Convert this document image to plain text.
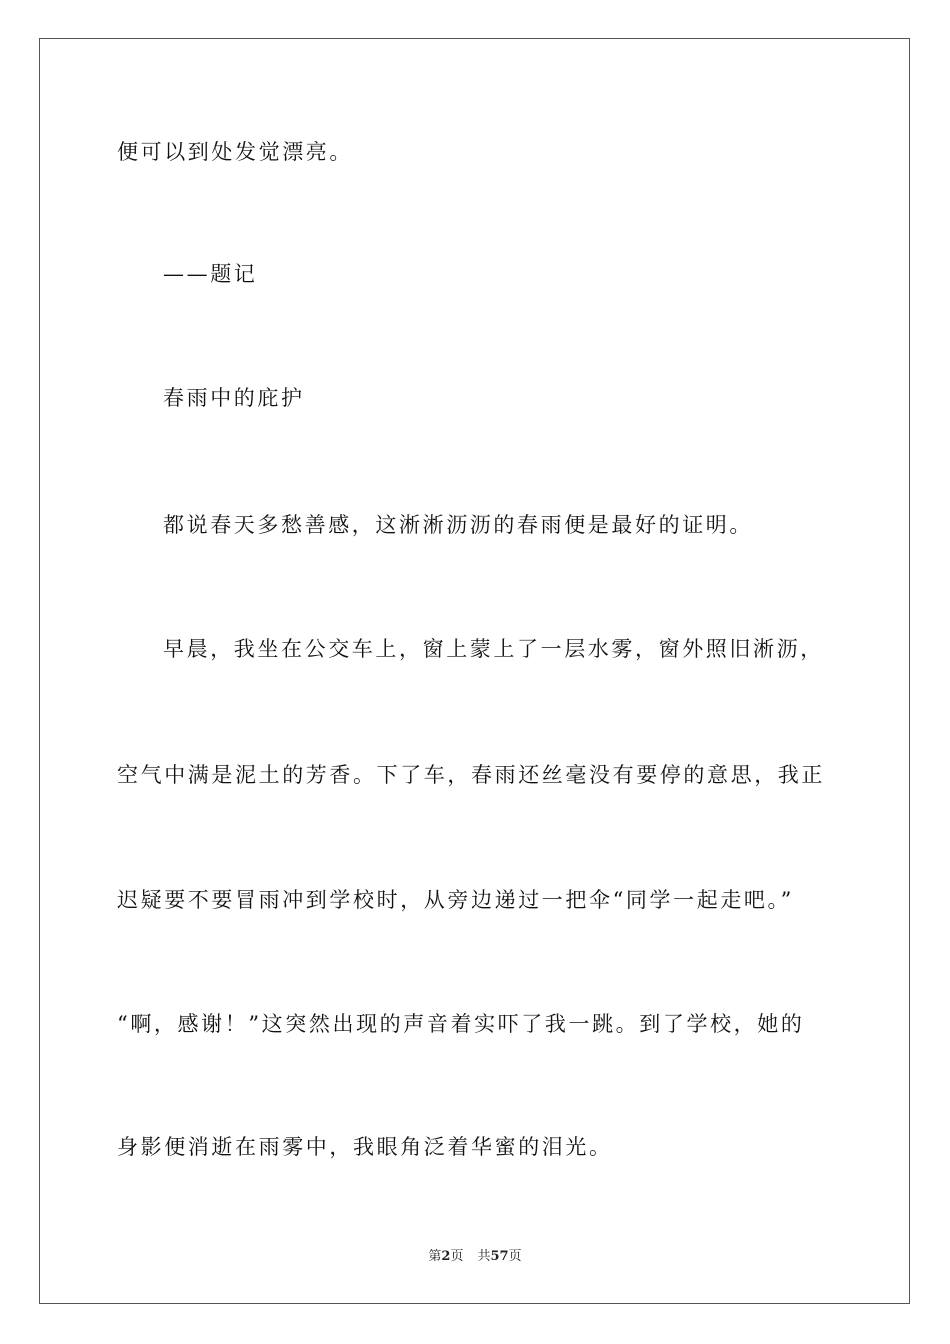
便可以到处发觉漂亮。
——题记
春雨中的庇护
都说春天多愁善感，这淅淅沥沥的春雨便是最好的证明。
早晨，我坐在公交车上，窗上蒙上了一层水雾，窗外照旧淅沥，
空气中满是泥土的芳香。下了车，春雨还丝毫没有要停的意思，我正
迟疑要不要冒雨冲到学校时，从旁边递过一把伞“同学一起走吧。”
“啊，感谢！”这突然出现的声音着实吓了我一跳。到了学校，她的
身影便消逝在雨雾中，我眼角泛着华蜜的泪光。
第2页 共57页
